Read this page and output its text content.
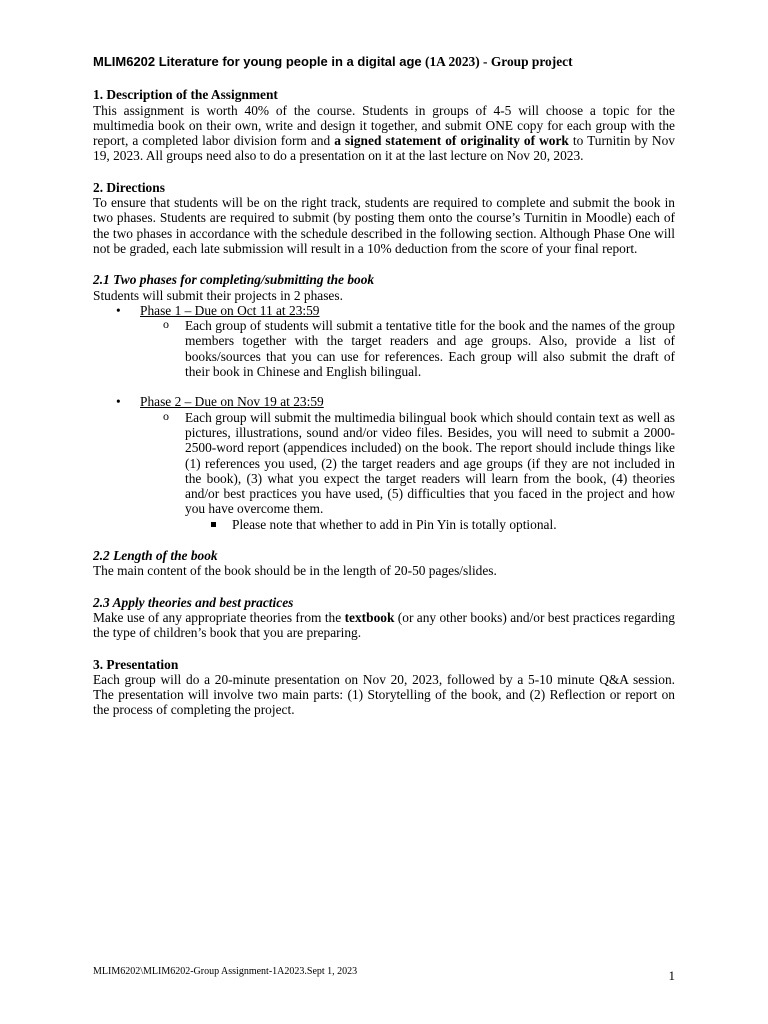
MLIM6202 Literature for young people in a digital age (1A 2023) - Group project
1. Description of the Assignment

This assignment is worth 40% of the course. Students in groups of 4-5 will choose a topic for the multimedia book on their own, write and design it together, and submit ONE copy for each group with the report, a completed labor division form and a signed statement of originality of work to Turnitin by Nov 19, 2023. All groups need also to do a presentation on it at the last lecture on Nov 20, 2023.

2. Directions

To ensure that students will be on the right track, students are required to complete and submit the book in two phases. Students are required to submit (by posting them onto the course’s Turnitin in Moodle) each of the two phases in accordance with the schedule described in the following section. Although Phase One will not be graded, each late submission will result in a 10% deduction from the score of your final report.

2.1 Two phases for completing/submitting the book

Students will submit their projects in 2 phases.

• Phase 1 – Due on Oct 11 at 23:59
o Each group of students will submit a tentative title for the book and the names of the group members together with the target readers and age groups. Also, provide a list of books/sources that you can use for references. Each group will also submit the draft of their book in Chinese and English bilingual.
• Phase 2 – Due on Nov 19 at 23:59
o Each group will submit the multimedia bilingual book which should contain text as well as pictures, illustrations, sound and/or video files. Besides, you will need to submit a 2000-2500-word report (appendices included) on the book. The report should include things like (1) references you used, (2) the target readers and age groups (if they are not included in the book), (3) what you expect the target readers will learn from the book, (4) theories and/or best practices you have used, (5) difficulties that you faced in the project and how you have overcome them.
Please note that whether to add in Pin Yin is totally optional.
2.2 Length of the book

The main content of the book should be in the length of 20-50 pages/slides.

2.3 Apply theories and best practices

Make use of any appropriate theories from the textbook (or any other books) and/or best practices regarding the type of children’s book that you are preparing.

3. Presentation

Each group will do a 20-minute presentation on Nov 20, 2023, followed by a 5-10 minute Q&A session. The presentation will involve two main parts: (1) Storytelling of the book, and (2) Reflection or report on the process of completing the project.

MLIM6202\MLIM6202-Group Assignment-1A2023.Sept 1, 2023	1
